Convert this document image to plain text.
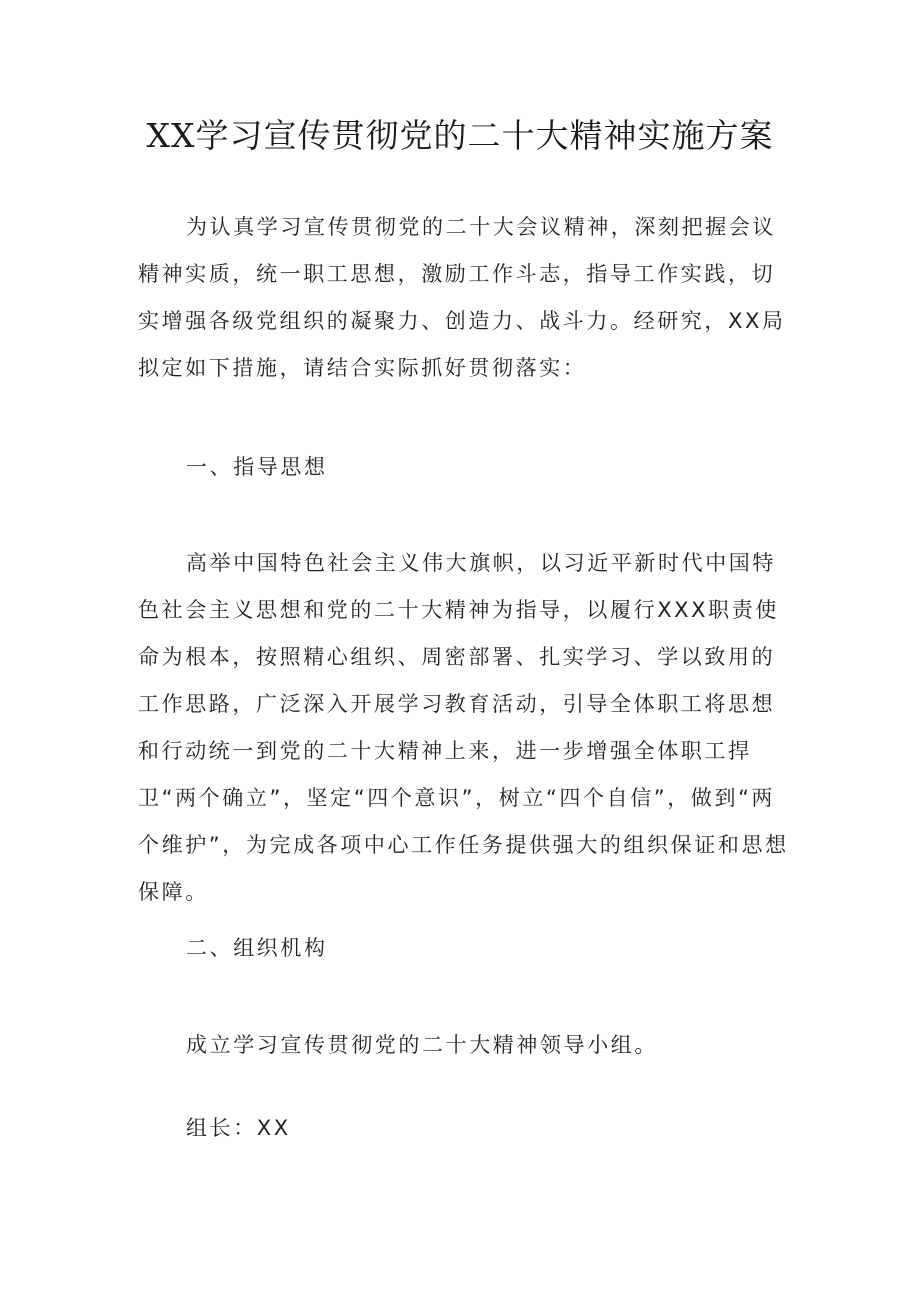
XX学习宣传贯彻党的二十大精神实施方案

为认真学习宣传贯彻党的二十大会议精神，深刻把握会议精神实质，统一职工思想，激励工作斗志，指导工作实践，切实增强各级党组织的凝聚力、创造力、战斗力。经研究，XX局拟定如下措施，请结合实际抓好贯彻落实：

一、指导思想

高举中国特色社会主义伟大旗帜，以习近平新时代中国特色社会主义思想和党的二十大精神为指导，以履行XXX职责使命为根本，按照精心组织、周密部署、扎实学习、学以致用的工作思路，广泛深入开展学习教育活动，引导全体职工将思想和行动统一到党的二十大精神上来，进一步增强全体职工捍卫“两个确立”，坚定“四个意识”，树立“四个自信”，做到“两个维护”，为完成各项中心工作任务提供强大的组织保证和思想保障。

二、组织机构

成立学习宣传贯彻党的二十大精神领导小组。

组长：XX
